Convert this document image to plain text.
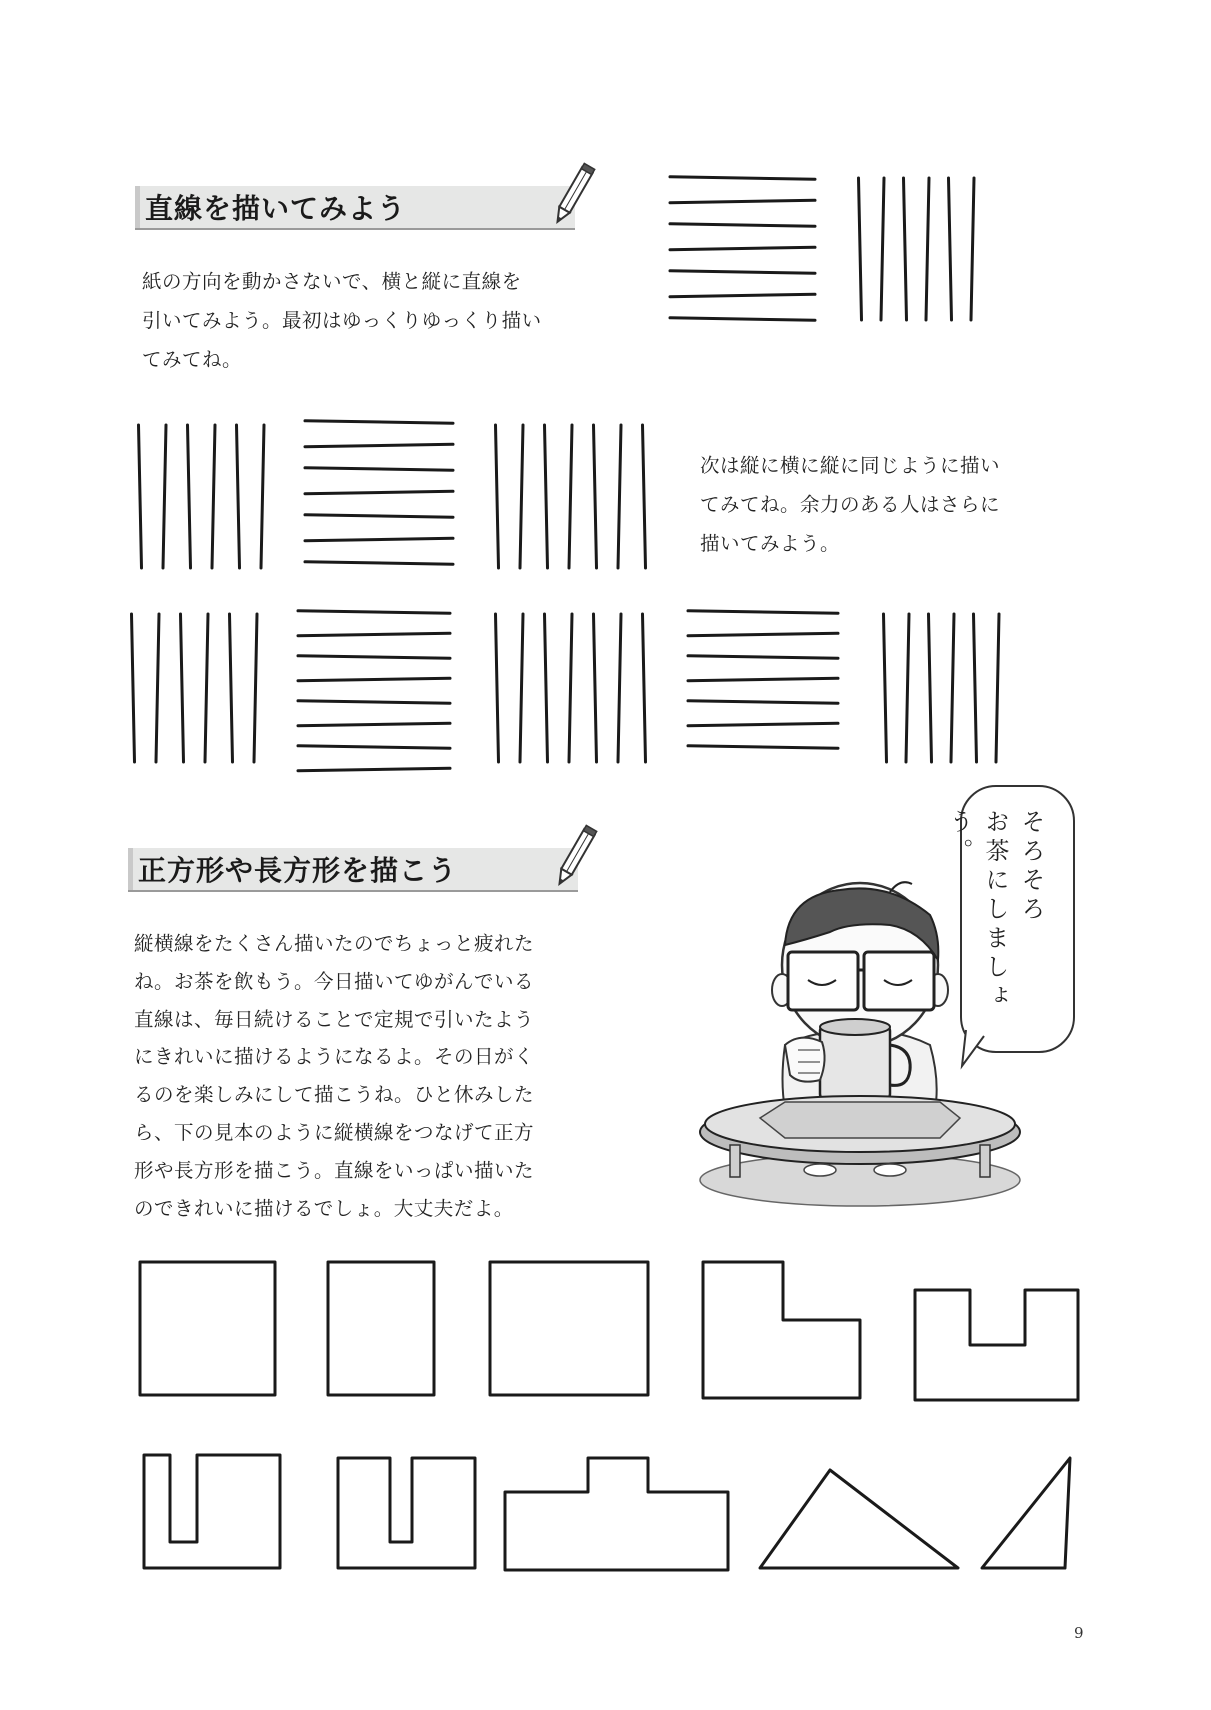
直線を描いてみよう
紙の方向を動かさないで、横と縦に直線を
引いてみよう。最初はゆっくりゆっくり描い
てみてね。
次は縦に横に縦に同じように描い
てみてね。余力のある人はさらに
描いてみよう。
正方形や長方形を描こう
縦横線をたくさん描いたのでちょっと疲れた
ね。お茶を飲もう。今日描いてゆがんでいる
直線は、毎日続けることで定規で引いたよう
にきれいに描けるようになるよ。その日がく
るのを楽しみにして描こうね。ひと休みした
ら、下の見本のように縦横線をつなげて正方
形や長方形を描こう。直線をいっぱい描いた
のできれいに描けるでしょ。大丈夫だよ。
そろそろ
お茶にしましょう。
9
